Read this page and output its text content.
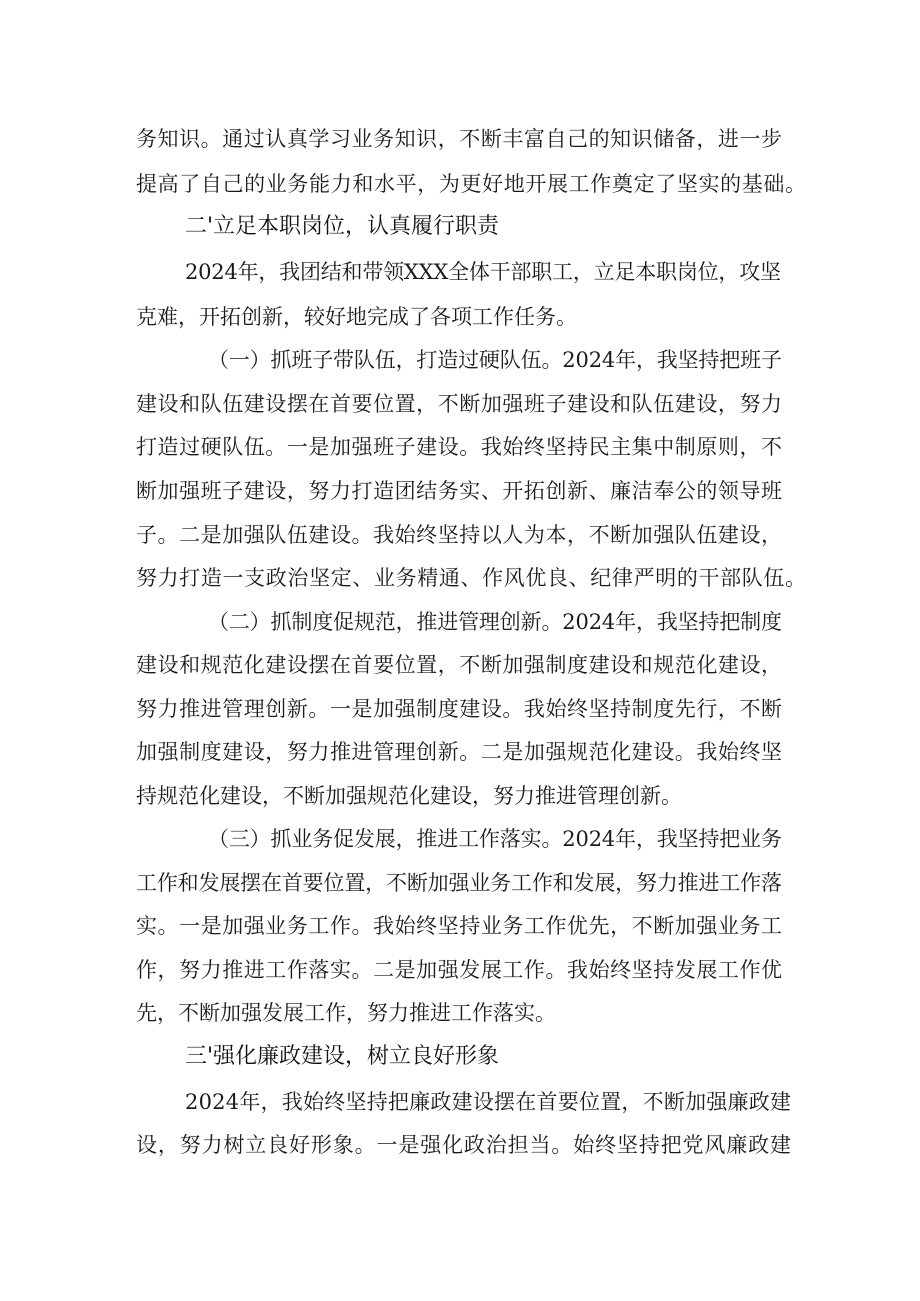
务知识。通过认真学习业务知识，不断丰富自己的知识储备，进一步
提高了自己的业务能力和水平，为更好地开展工作奠定了坚实的基础。
二'立足本职岗位，认真履行职责
2024年，我团结和带领XXX全体干部职工，立足本职岗位，攻坚
克难，开拓创新，较好地完成了各项工作任务。
（一）抓班子带队伍，打造过硬队伍。2024年，我坚持把班子
建设和队伍建设摆在首要位置，不断加强班子建设和队伍建设，努力
打造过硬队伍。一是加强班子建设。我始终坚持民主集中制原则，不
断加强班子建设，努力打造团结务实、开拓创新、廉洁奉公的领导班
子。二是加强队伍建设。我始终坚持以人为本，不断加强队伍建设，
努力打造一支政治坚定、业务精通、作风优良、纪律严明的干部队伍。
（二）抓制度促规范，推进管理创新。2024年，我坚持把制度
建设和规范化建设摆在首要位置，不断加强制度建设和规范化建设，
努力推进管理创新。一是加强制度建设。我始终坚持制度先行，不断
加强制度建设，努力推进管理创新。二是加强规范化建设。我始终坚
持规范化建设，不断加强规范化建设，努力推进管理创新。
（三）抓业务促发展，推进工作落实。2024年，我坚持把业务
工作和发展摆在首要位置，不断加强业务工作和发展，努力推进工作落
实。一是加强业务工作。我始终坚持业务工作优先，不断加强业务工
作，努力推进工作落实。二是加强发展工作。我始终坚持发展工作优
先，不断加强发展工作，努力推进工作落实。
三'强化廉政建设，树立良好形象
2024年，我始终坚持把廉政建设摆在首要位置，不断加强廉政建
设，努力树立良好形象。一是强化政治担当。始终坚持把党风廉政建
